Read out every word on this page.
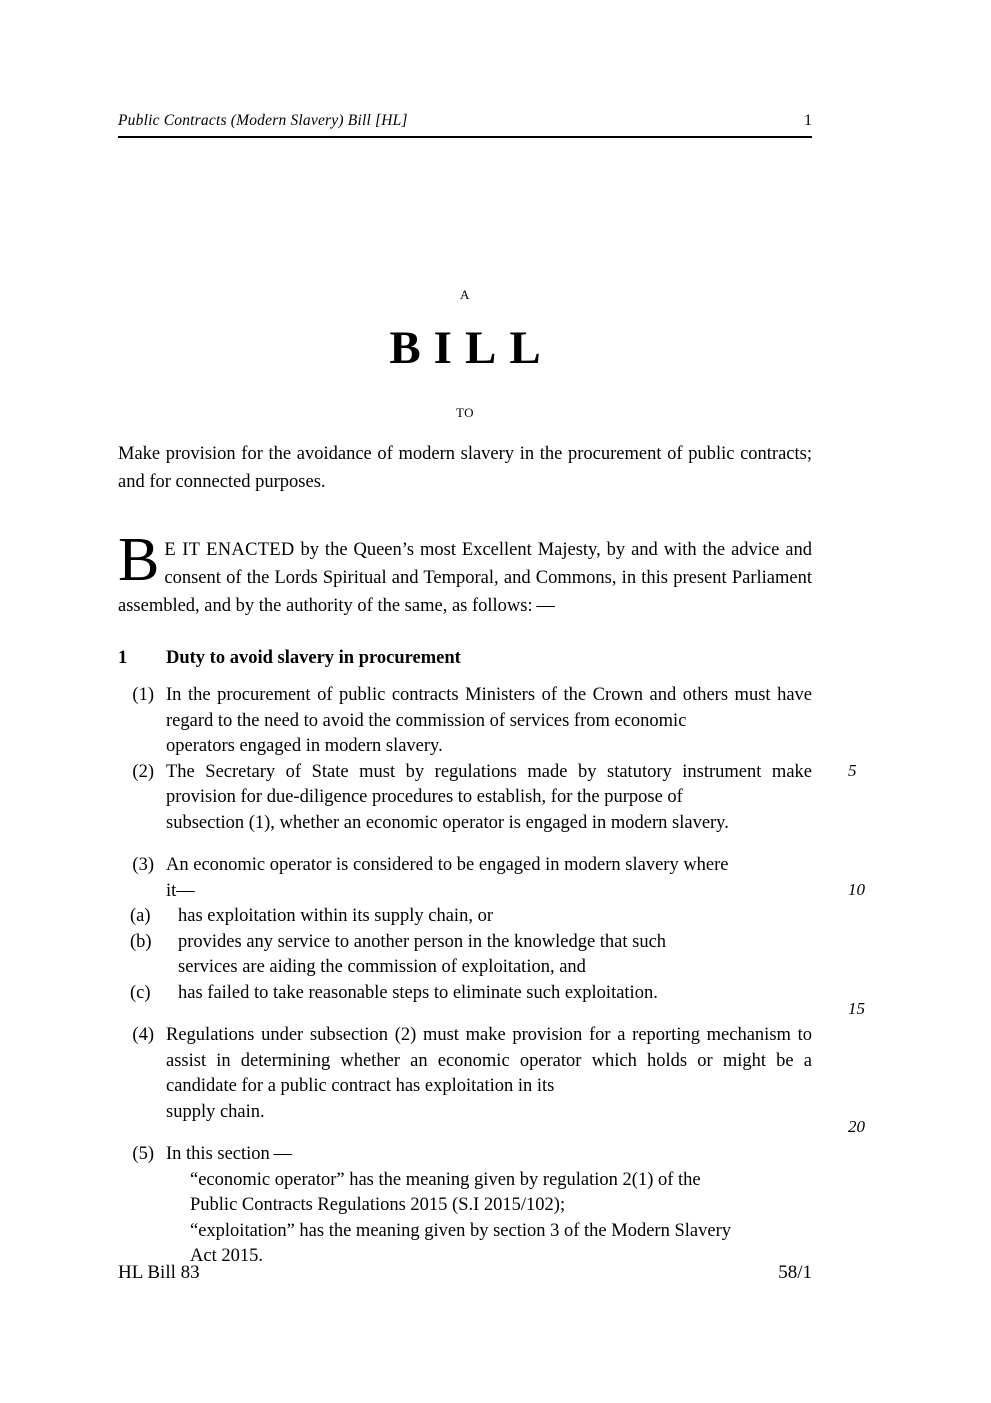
Public Contracts (Modern Slavery) Bill [HL]	1
A
BILL
TO
Make provision for the avoidance of modern slavery in the procurement of public contracts; and for connected purposes.
B E IT ENACTED by the Queen’s most Excellent Majesty, by and with the advice and consent of the Lords Spiritual and Temporal, and Commons, in this present Parliament assembled, and by the authority of the same, as follows: —
1	Duty to avoid slavery in procurement
(1) In the procurement of public contracts Ministers of the Crown and others must have regard to the need to avoid the commission of services from economic

operators engaged in modern slavery.

(2) The Secretary of State must by regulations made by statutory instrument make provision for due-diligence procedures to establish, for the purpose of

subsection (1), whether an economic operator is engaged in modern slavery.

(3) An economic operator is considered to be engaged in modern slavery where

it—

(a)	has exploitation within its supply chain, or

(b)	provides any service to another person in the knowledge that such

services are aiding the commission of exploitation, and

(c)	has failed to take reasonable steps to eliminate such exploitation.

(4) Regulations under subsection (2) must make provision for a reporting mechanism to assist in determining whether an economic operator which holds or might be a candidate for a public contract has exploitation in its

supply chain.

(5) In this section —

“economic operator” has the meaning given by regulation 2(1) of the

Public Contracts Regulations 2015 (S.I 2015/102);

“exploitation” has the meaning given by section 3 of the Modern Slavery

Act 2015.

5
10
15
20
HL Bill 83	58/1
